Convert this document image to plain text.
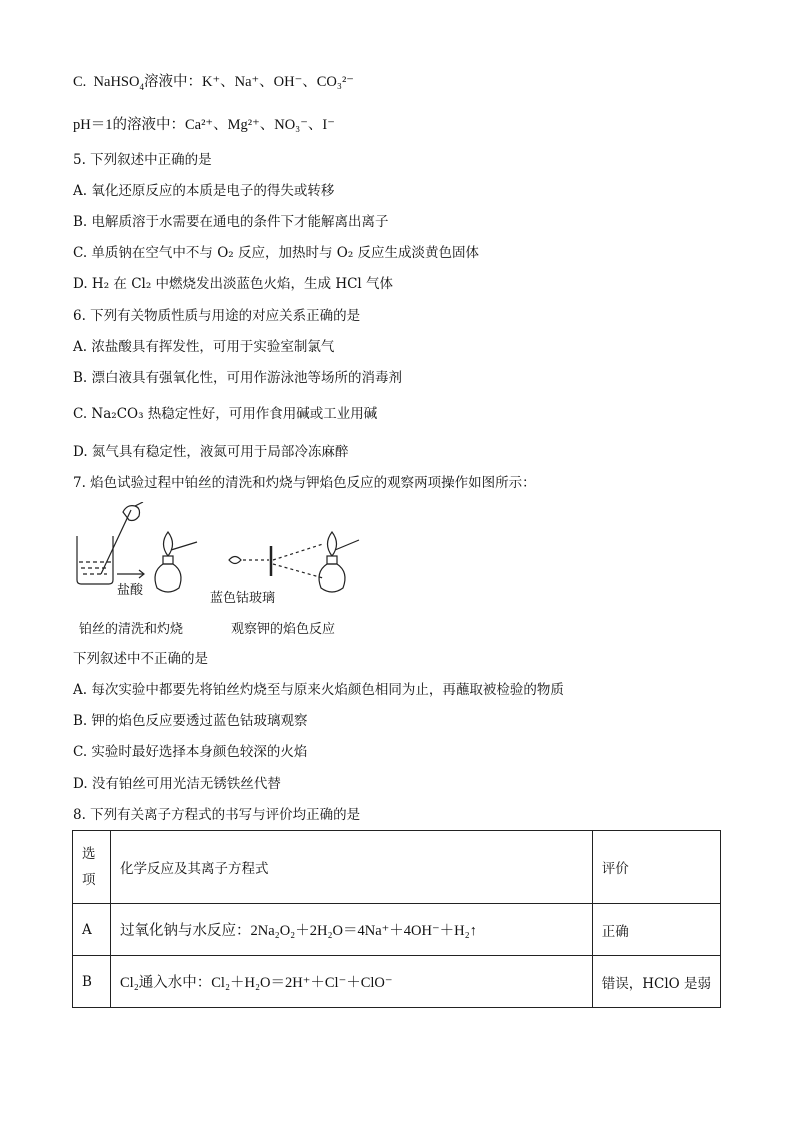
C. NaHSO$_4$溶液中：K⁺、Na⁺、OH⁻、CO₃²⁻
pH＝1的溶液中：Ca²⁺、Mg²⁺、NO₃⁻、I⁻
5. 下列叙述中正确的是
A. 氧化还原反应的本质是电子的得失或转移
B. 电解质溶于水需要在通电的条件下才能解离出离子
C. 单质钠在空气中不与 O₂ 反应，加热时与 O₂ 反应生成淡黄色固体
D. H₂ 在 Cl₂ 中燃烧发出淡蓝色火焰，生成 HCl 气体
6. 下列有关物质性质与用途的对应关系正确的是
A. 浓盐酸具有挥发性，可用于实验室制氯气
B. 漂白液具有强氧化性，可用作游泳池等场所的消毒剂
C. Na₂CO₃ 热稳定性好，可用作食用碱或工业用碱
D. 氮气具有稳定性，液氮可用于局部冷冻麻醉
7. 焰色试验过程中铂丝的清洗和灼烧与钾焰色反应的观察两项操作如图所示：
盐酸
蓝色钴玻璃
铂丝的清洗和灼烧	观察钾的焰色反应
下列叙述中不正确的是
A. 每次实验中都要先将铂丝灼烧至与原来火焰颜色相同为止，再蘸取被检验的物质
B. 钾的焰色反应要透过蓝色钴玻璃观察
C. 实验时最好选择本身颜色较深的火焰
D. 没有铂丝可用光洁无锈铁丝代替
8. 下列有关离子方程式的书写与评价均正确的是
选项	化学反应及其离子方程式	评价
A	过氧化钠与水反应：2Na₂O₂＋2H₂O＝4Na⁺＋4OH⁻＋H₂↑	正确
B	Cl₂通入水中：Cl₂＋H₂O＝2H⁺＋Cl⁻＋ClO⁻	错误，HClO 是弱
